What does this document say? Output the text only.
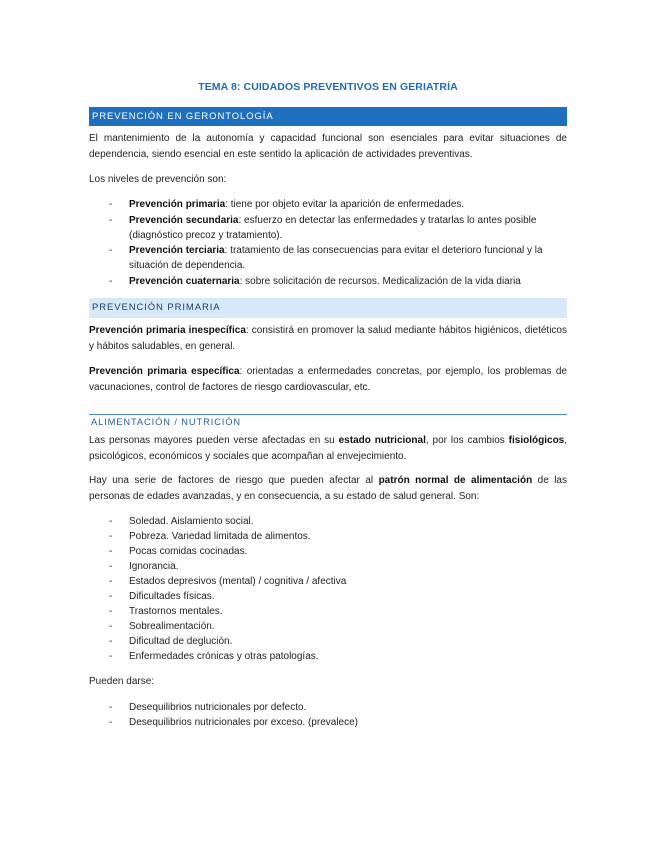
TEMA 8: CUIDADOS PREVENTIVOS EN GERIATRÍA
PREVENCIÓN EN GERONTOLOGÍA

El mantenimiento de la autonomía y capacidad funcional son esenciales para evitar situaciones de dependencia, siendo esencial en este sentido la aplicación de actividades preventivas.

Los niveles de prevención son:

- Prevención primaria: tiene por objeto evitar la aparición de enfermedades.
- Prevención secundaria: esfuerzo en detectar las enfermedades y tratarlas lo antes posible (diagnóstico precoz y tratamiento).
- Prevención terciaria: tratamiento de las consecuencias para evitar el deterioro funcional y la situación de dependencia.
- Prevención cuaternaria: sobre solicitación de recursos. Medicalización de la vida diaria
PREVENCIÓN PRIMARIA

Prevención primaria inespecífica: consistirá en promover la salud mediante hábitos higiénicos, dietéticos y hábitos saludables, en general.

Prevención primaria específica: orientadas a enfermedades concretas, por ejemplo, los problemas de vacunaciones, control de factores de riesgo cardiovascular, etc.

ALIMENTACIÓN / NUTRICIÓN

Las personas mayores pueden verse afectadas en su estado nutricional, por los cambios fisiológicos, psicológicos, económicos y sociales que acompañan al envejecimiento.

Hay una serie de factores de riesgo que pueden afectar al patrón normal de alimentación de las personas de edades avanzadas, y en consecuencia, a su estado de salud general. Son:

- Soledad. Aislamiento social.
- Pobreza. Variedad limitada de alimentos.
- Pocas comidas cocinadas.
- Ignorancia.
- Estados depresivos (mental) / cognitiva / afectiva
- Dificultades físicas.
- Trastornos mentales.
- Sobrealimentación.
- Dificultad de deglución.
- Enfermedades crónicas y otras patologías.

Pueden darse:

- Desequilibrios nutricionales por defecto.
- Desequilibrios nutricionales por exceso. (prevalece)
